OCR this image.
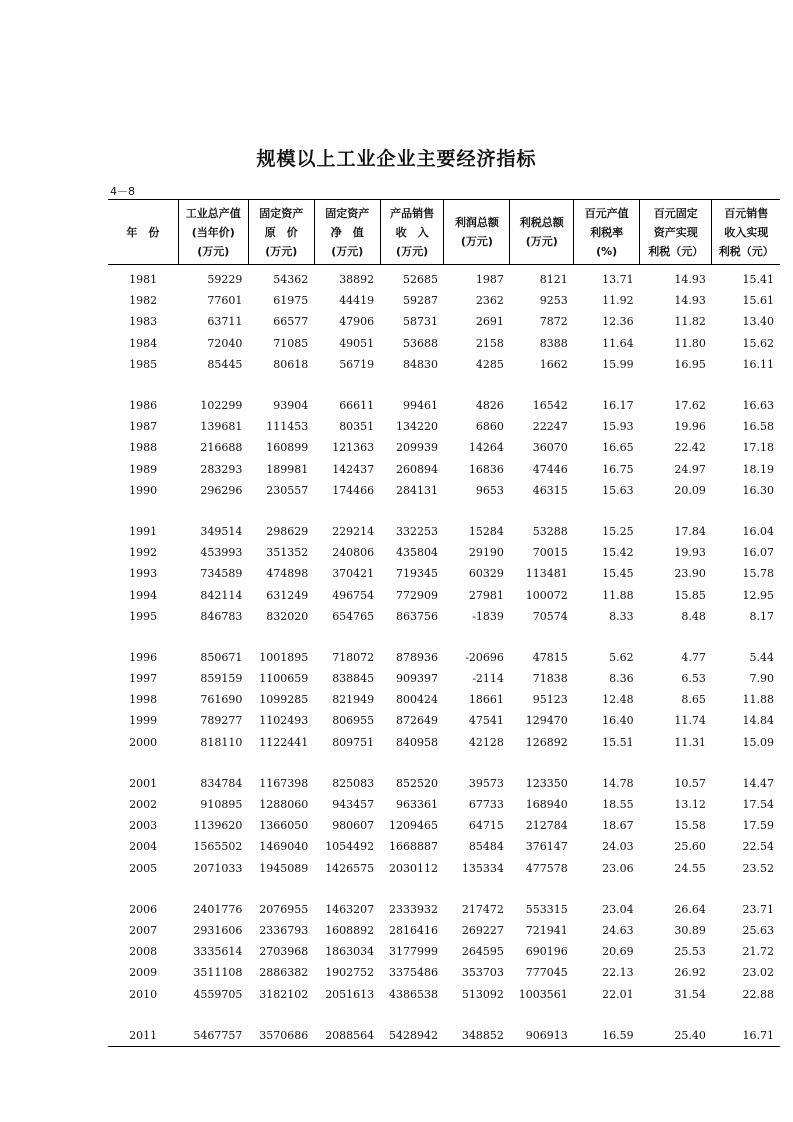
规模以上工业企业主要经济指标
4－8
年　份	工业总产值
(当年价)
(万元)	固定资产
原　价
(万元)	固定资产
净　值
(万元)	产品销售
收　入
(万元)	利润总额
(万元)	利税总额
(万元)	百元产值
利税率
(%)	百元固定
资产实现
利税（元）	百元销售
收入实现
利税（元）

1981	59229	54362	38892	52685	1987	8121	13.71	14.93	15.41
1982	77601	61975	44419	59287	2362	9253	11.92	14.93	15.61
1983	63711	66577	47906	58731	2691	7872	12.36	11.82	13.40
1984	72040	71085	49051	53688	2158	8388	11.64	11.80	15.62
1985	85445	80618	56719	84830	4285	1662	15.99	16.95	16.11
1986	102299	93904	66611	99461	4826	16542	16.17	17.62	16.63
1987	139681	111453	80351	134220	6860	22247	15.93	19.96	16.58
1988	216688	160899	121363	209939	14264	36070	16.65	22.42	17.18
1989	283293	189981	142437	260894	16836	47446	16.75	24.97	18.19
1990	296296	230557	174466	284131	9653	46315	15.63	20.09	16.30
1991	349514	298629	229214	332253	15284	53288	15.25	17.84	16.04
1992	453993	351352	240806	435804	29190	70015	15.42	19.93	16.07
1993	734589	474898	370421	719345	60329	113481	15.45	23.90	15.78
1994	842114	631249	496754	772909	27981	100072	11.88	15.85	12.95
1995	846783	832020	654765	863756	-1839	70574	8.33	8.48	8.17
1996	850671	1001895	718072	878936	-20696	47815	5.62	4.77	5.44
1997	859159	1100659	838845	909397	-2114	71838	8.36	6.53	7.90
1998	761690	1099285	821949	800424	18661	95123	12.48	8.65	11.88
1999	789277	1102493	806955	872649	47541	129470	16.40	11.74	14.84
2000	818110	1122441	809751	840958	42128	126892	15.51	11.31	15.09
2001	834784	1167398	825083	852520	39573	123350	14.78	10.57	14.47
2002	910895	1288060	943457	963361	67733	168940	18.55	13.12	17.54
2003	1139620	1366050	980607	1209465	64715	212784	18.67	15.58	17.59
2004	1565502	1469040	1054492	1668887	85484	376147	24.03	25.60	22.54
2005	2071033	1945089	1426575	2030112	135334	477578	23.06	24.55	23.52
2006	2401776	2076955	1463207	2333932	217472	553315	23.04	26.64	23.71
2007	2931606	2336793	1608892	2816416	269227	721941	24.63	30.89	25.63
2008	3335614	2703968	1863034	3177999	264595	690196	20.69	25.53	21.72
2009	3511108	2886382	1902752	3375486	353703	777045	22.13	26.92	23.02
2010	4559705	3182102	2051613	4386538	513092	1003561	22.01	31.54	22.88
2011	5467757	3570686	2088564	5428942	348852	906913	16.59	25.40	16.71
